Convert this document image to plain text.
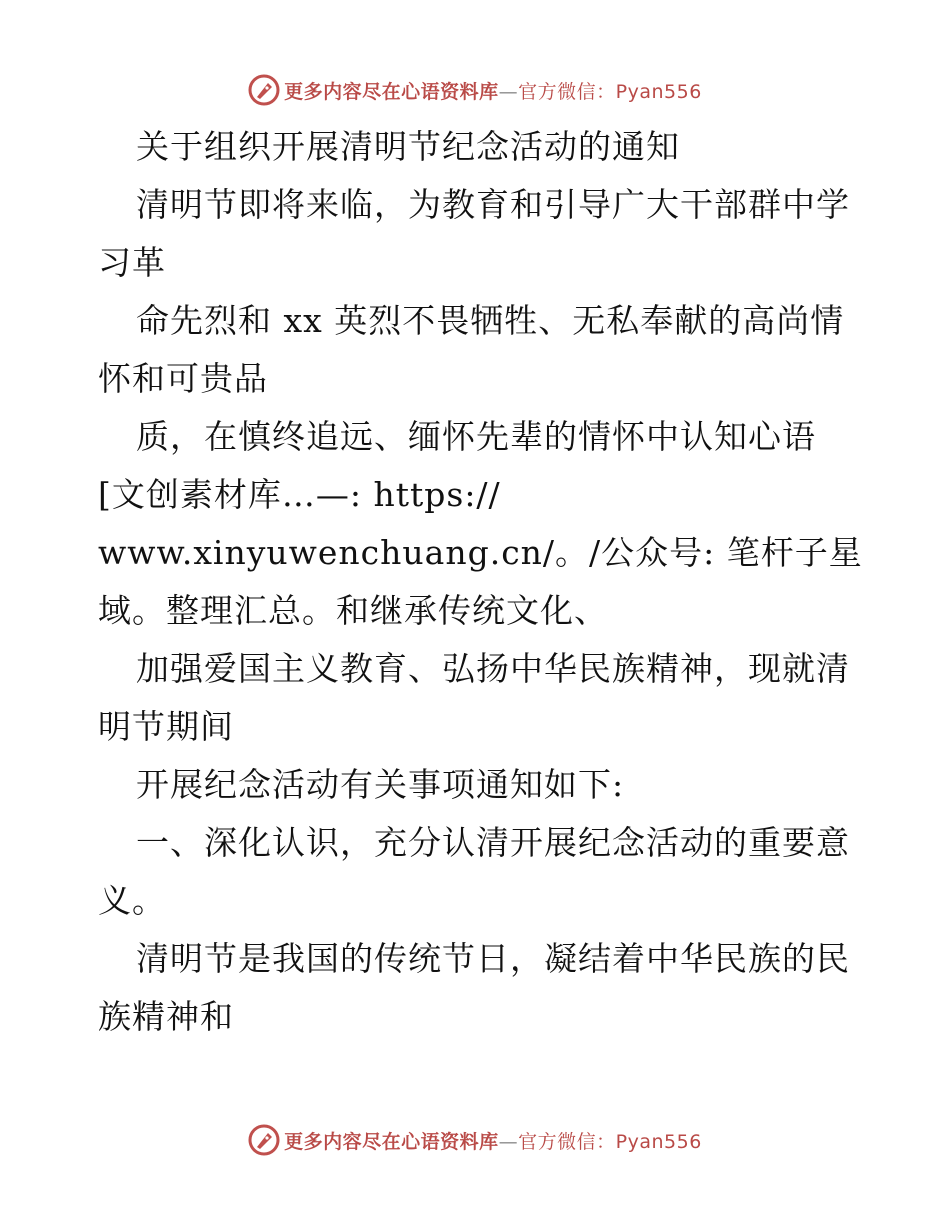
更多内容尽在心语资料库—官方微信：Pyan556
关于组织开展清明节纪念活动的通知
清明节即将来临，为教育和引导广大干部群中学
习革
命先烈和 xx 英烈不畏牺牲、无私奉献的高尚情
怀和可贵品
质，在慎终追远、缅怀先辈的情怀中认知心语
[文创素材库…—: https://
www.xinyuwenchuang.cn/。/公众号: 笔杆子星
域。整理汇总。和继承传统文化、
加强爱国主义教育、弘扬中华民族精神，现就清
明节期间
开展纪念活动有关事项通知如下:
一、深化认识，充分认清开展纪念活动的重要意
义。
清明节是我国的传统节日，凝结着中华民族的民
族精神和
更多内容尽在心语资料库—官方微信：Pyan556
